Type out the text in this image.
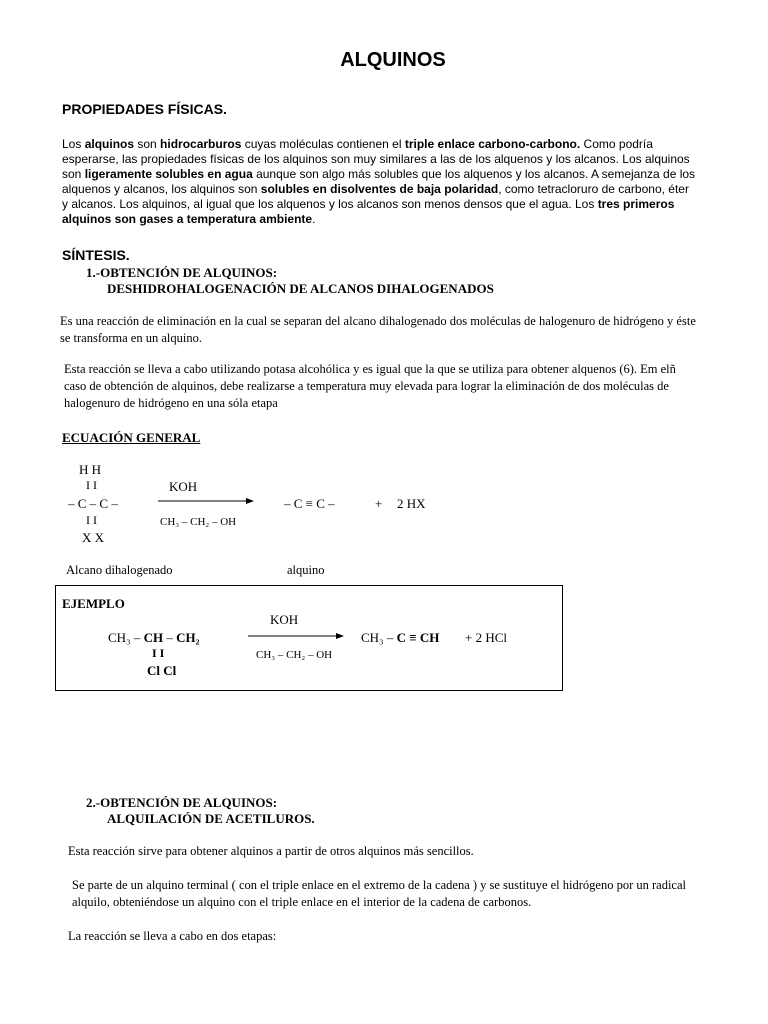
ALQUINOS
PROPIEDADES FÍSICAS.
Los alquinos son hidrocarburos cuyas moléculas contienen el triple enlace carbono-carbono. Como podría esperarse, las propiedades físicas de los alquinos son muy similares a las de los alquenos y los alcanos. Los alquinos son ligeramente solubles en agua aunque son algo más solubles que los alquenos y los alcanos. A semejanza de los alquenos y alcanos, los alquinos son solubles en disolventes de baja polaridad, como tetracloruro de carbono, éter y alcanos. Los alquinos, al igual que los alquenos y los alcanos son menos densos que el agua. Los tres primeros alquinos son gases a temperatura ambiente.
SÍNTESIS.
1.-OBTENCIÓN DE ALQUINOS:
DESHIDROHALOGENACIÓN DE ALCANOS DIHALOGENADOS
Es una reacción de eliminación en la cual se separan del alcano dihalogenado dos moléculas de halogenuro de hidrógeno y éste se transforma en un alquino.
Esta reacción se lleva a cabo utilizando potasa alcohólica y es igual que la que se utiliza para obtener alquenos (6). Em elñ caso de obtención de alquinos, debe realizarse a temperatura muy elevada para lograr la eliminación de dos moléculas de halogenuro de hidrógeno en una sóla etapa
ECUACIÓN GENERAL
H H
I I
– C – C –
I I
X X
KOH
CH₃ – CH₂ – OH
– C ≡ C –	+ 2 HX
Alcano dihalogenado	alquino
EJEMPLO
KOH
CH₃ – CH – CH₂
I I
Cl Cl
CH₃ – CH₂ – OH
CH₃ – C ≡ CH + 2 HCl
2.-OBTENCIÓN DE ALQUINOS:
ALQUILACIÓN DE ACETILUROS.
Esta reacción sirve para obtener alquinos a partir de otros alquinos más sencillos.
Se parte de un alquino terminal ( con el triple enlace en el extremo de la cadena ) y se sustituye el hidrógeno por un radical alquilo, obteniéndose un alquino con el triple enlace en el interior de la cadena de carbonos.
La reacción se lleva a cabo en dos etapas:
